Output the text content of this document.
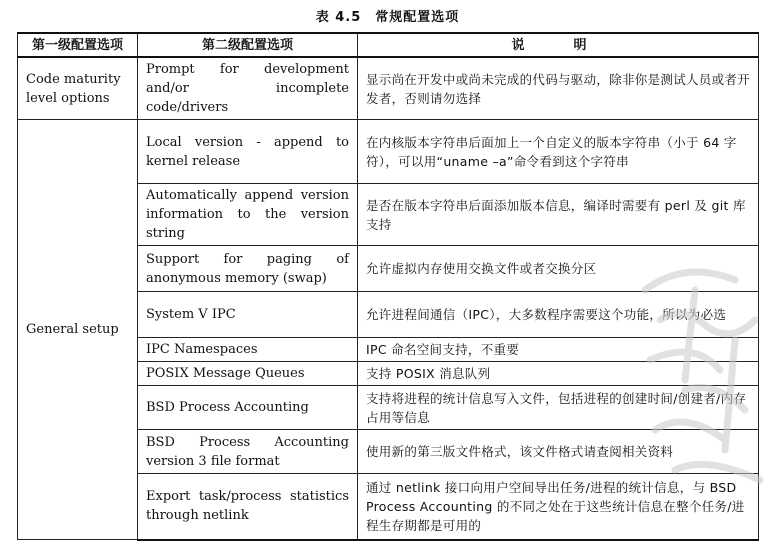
表 4.5　常规配置选项
第一级配置选项	第二级配置选项	说　明
Code maturity level options	Prompt for development and/or incomplete code/drivers	显示尚在开发中或尚未完成的代码与驱动，除非你是测试人员或者开发者，否则请勿选择
General setup	Local version - append to kernel release	在内核版本字符串后面加上一个自定义的版本字符串（小于 64 字符），可以用“uname –a”命令看到这个字符串
	Automatically append version information to the version string	是否在版本字符串后面添加版本信息，编译时需要有 perl 及 git 库支持
	Support for paging of anonymous memory (swap)	允许虚拟内存使用交换文件或者交换分区
	System V IPC	允许进程间通信（IPC），大多数程序需要这个功能，所以为必选
	IPC Namespaces	IPC 命名空间支持，不重要
	POSIX Message Queues	支持 POSIX 消息队列
	BSD Process Accounting	支持将进程的统计信息写入文件，包括进程的创建时间/创建者/内存占用等信息
	BSD Process Accounting version 3 file format	使用新的第三版文件格式，该文件格式请查阅相关资料
	Export task/process statistics through netlink	通过 netlink 接口向用户空间导出任务/进程的统计信息，与 BSD Process Accounting 的不同之处在于这些统计信息在整个任务/进程生存期都是可用的
